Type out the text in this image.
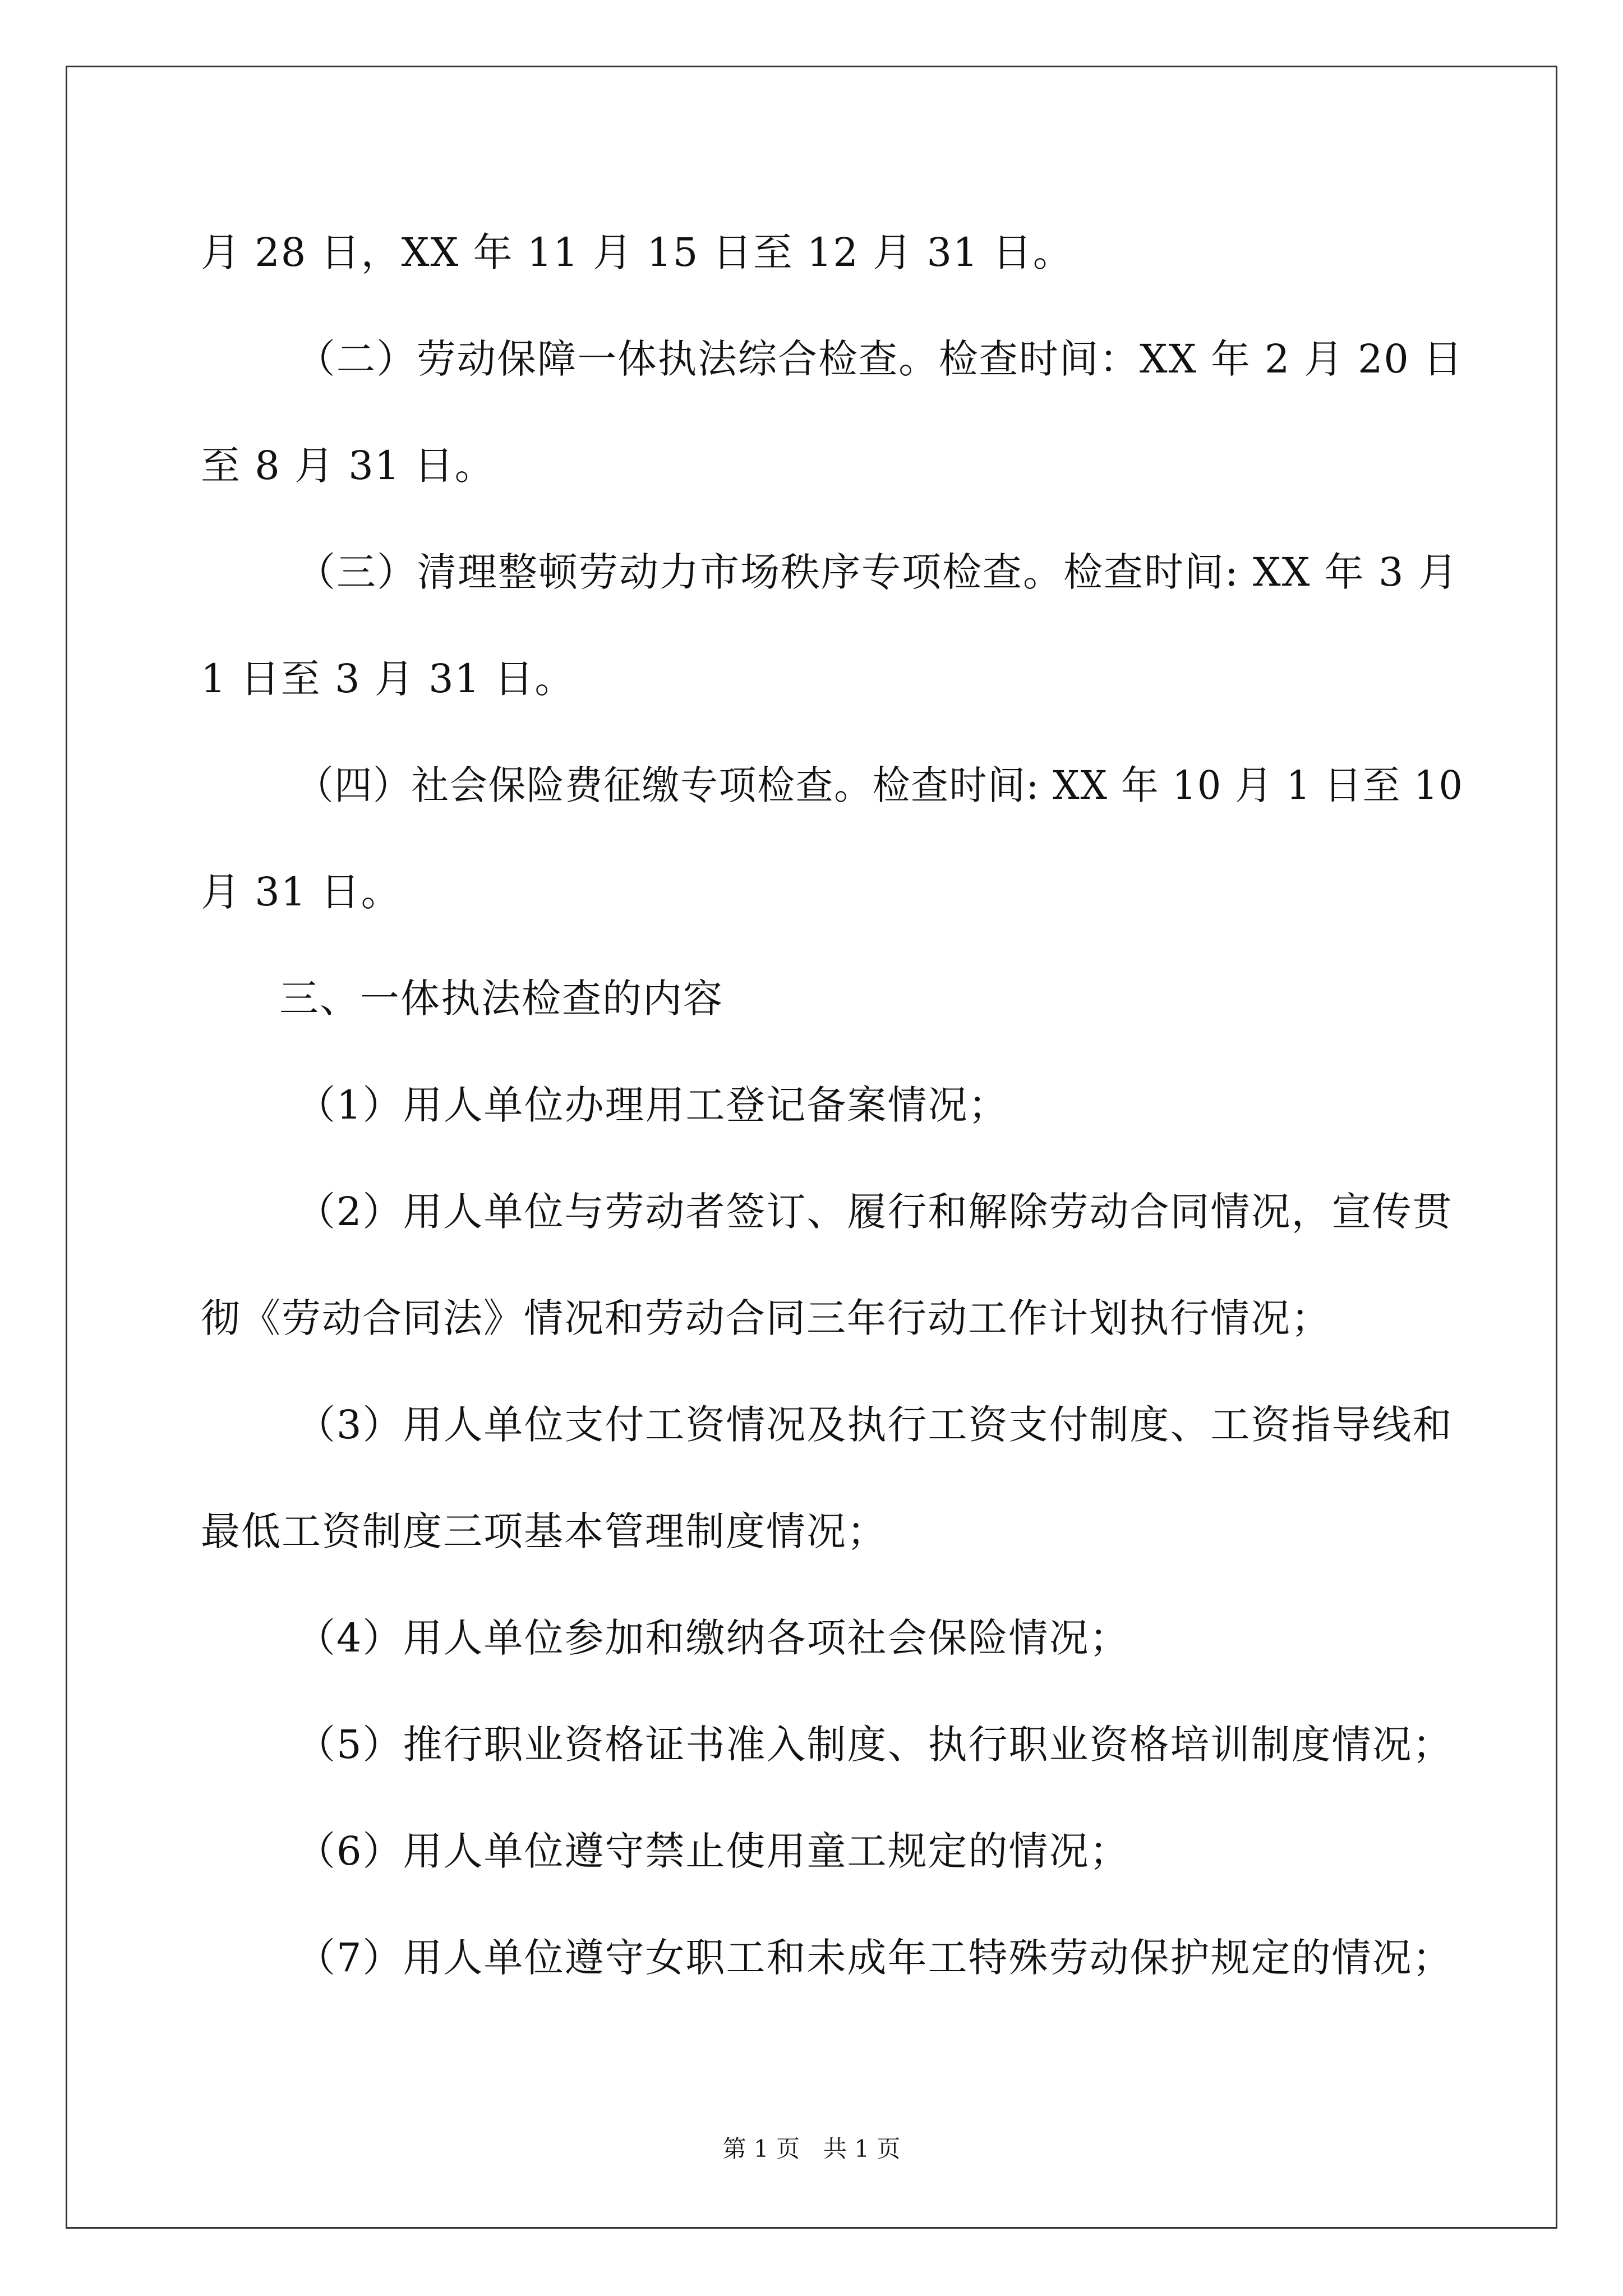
月 28 日，XX 年 11 月 15 日至 12 月 31 日。
（二）劳动保障一体执法综合检查。检查时间：XX 年 2 月 20 日
至 8 月 31 日。
（三）清理整顿劳动力市场秩序专项检查。检查时间: XX 年 3 月
1 日至 3 月 31 日。
（四）社会保险费征缴专项检查。检查时间: XX 年 10 月 1 日至 10
月 31 日。
三、一体执法检查的内容
（1）用人单位办理用工登记备案情况；
（2）用人单位与劳动者签订、履行和解除劳动合同情况，宣传贯
彻《劳动合同法》情况和劳动合同三年行动工作计划执行情况；
（3）用人单位支付工资情况及执行工资支付制度、工资指导线和
最低工资制度三项基本管理制度情况；
（4）用人单位参加和缴纳各项社会保险情况；
（5）推行职业资格证书准入制度、执行职业资格培训制度情况；
（6）用人单位遵守禁止使用童工规定的情况；
（7）用人单位遵守女职工和未成年工特殊劳动保护规定的情况；
第 1 页　共 1 页
